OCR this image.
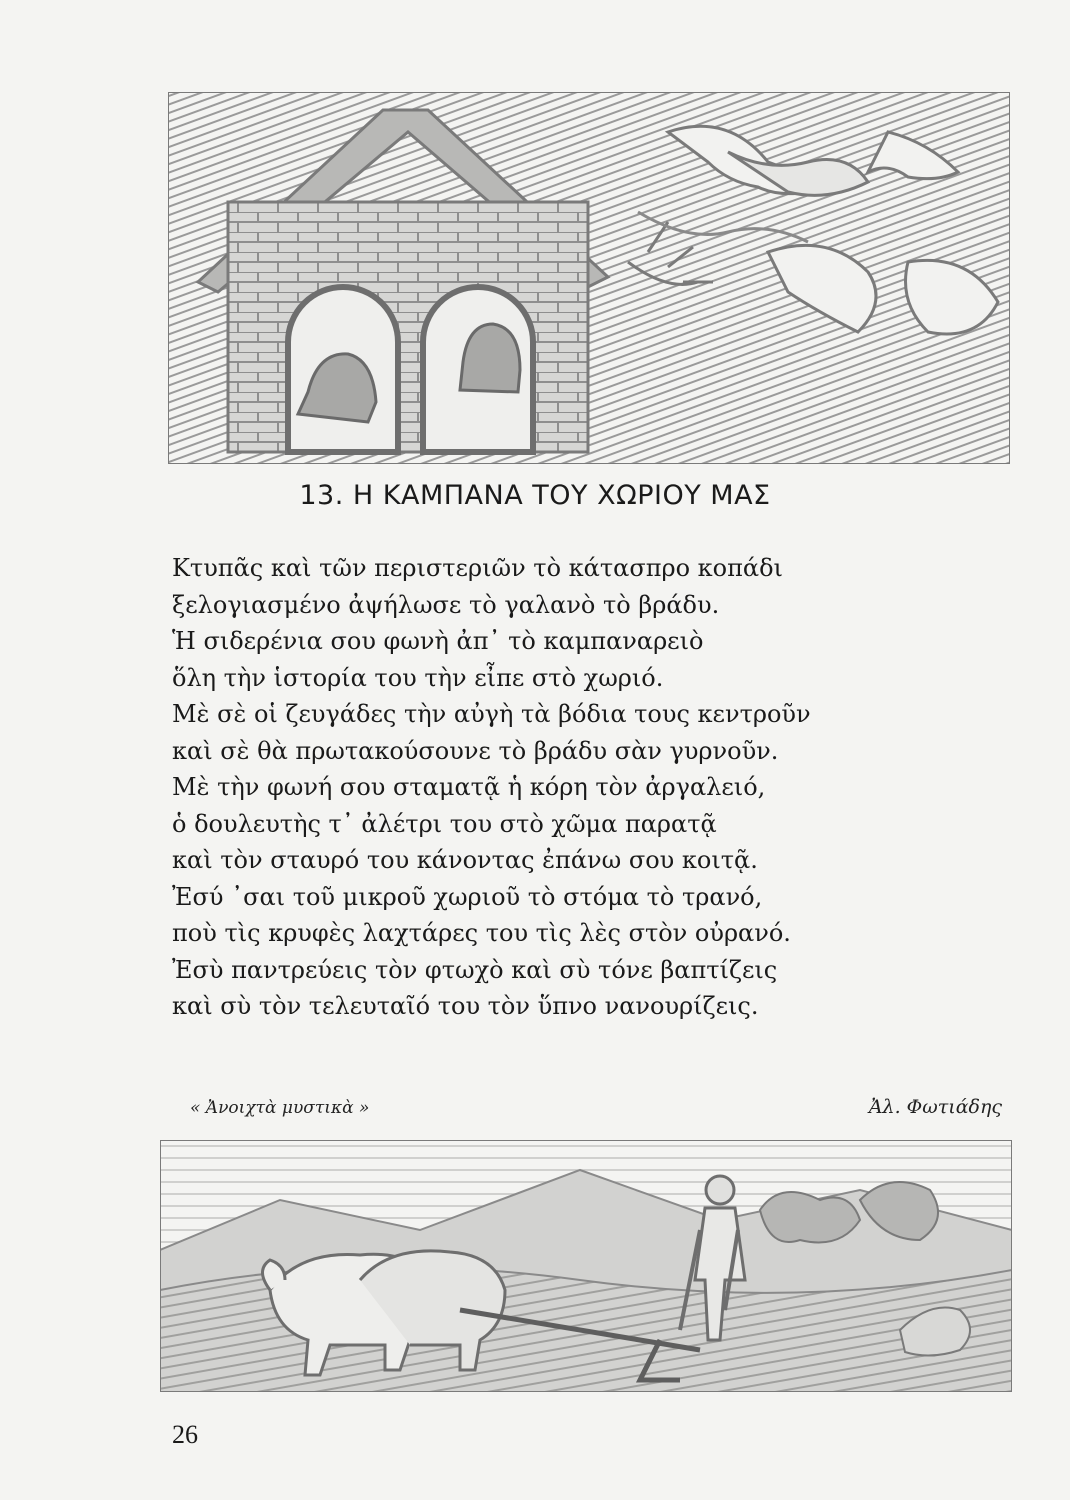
13. Η ΚΑΜΠΑΝΑ ΤΟΥ ΧΩΡΙΟΥ ΜΑΣ
Κτυπᾶς καὶ τῶν περιστεριῶν τὸ κάτασπρο κοπάδι
ξελογιασμένο ἀψήλωσε τὸ γαλανὸ τὸ βράδυ.
Ἡ σιδερένια σου φωνὴ ἀπ᾿ τὸ καμπαναρειὸ
ὅλη τὴν ἱστορία του τὴν εἶπε στὸ χωριό.
Μὲ σὲ οἱ ζευγάδες τὴν αὐγὴ τὰ βόδια τους κεντροῦν
καὶ σὲ θὰ πρωτακούσουνε τὸ βράδυ σὰν γυρνοῦν.
Μὲ τὴν φωνή σου σταματᾷ ἡ κόρη τὸν ἀργαλειό,
ὁ δουλευτὴς τ᾿ ἀλέτρι του στὸ χῶμα παρατᾷ
καὶ τὸν σταυρό του κάνοντας ἐπάνω σου κοιτᾷ.
Ἐσύ ᾿σαι τοῦ μικροῦ χωριοῦ τὸ στόμα τὸ τρανό,
ποὺ τὶς κρυφὲς λαχτάρες του τὶς λὲς στὸν οὐρανό.
Ἐσὺ παντρεύεις τὸν φτωχὸ καὶ σὺ τόνε βαπτίζεις
καὶ σὺ τὸν τελευταῖό του τὸν ὕπνο νανουρίζεις.
« Ἀνοιχτὰ μυστικὰ »	Ἀλ. Φωτιάδης
26
